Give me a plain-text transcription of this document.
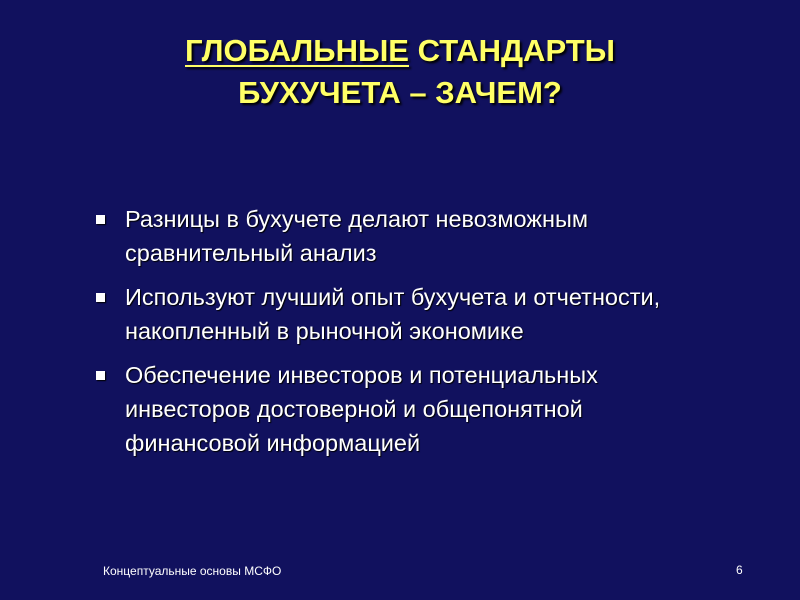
ГЛОБАЛЬНЫЕ СТАНДАРТЫ
БУХУЧЕТА – ЗАЧЕМ?
Разницы в бухучете делают невозможным
сравнительный анализ
Используют лучший опыт бухучета и отчетности,
накопленный в рыночной экономике
Обеспечение инвесторов и потенциальных
инвесторов достоверной и общепонятной
финансовой информацией
Концептуальные основы МСФО	6
